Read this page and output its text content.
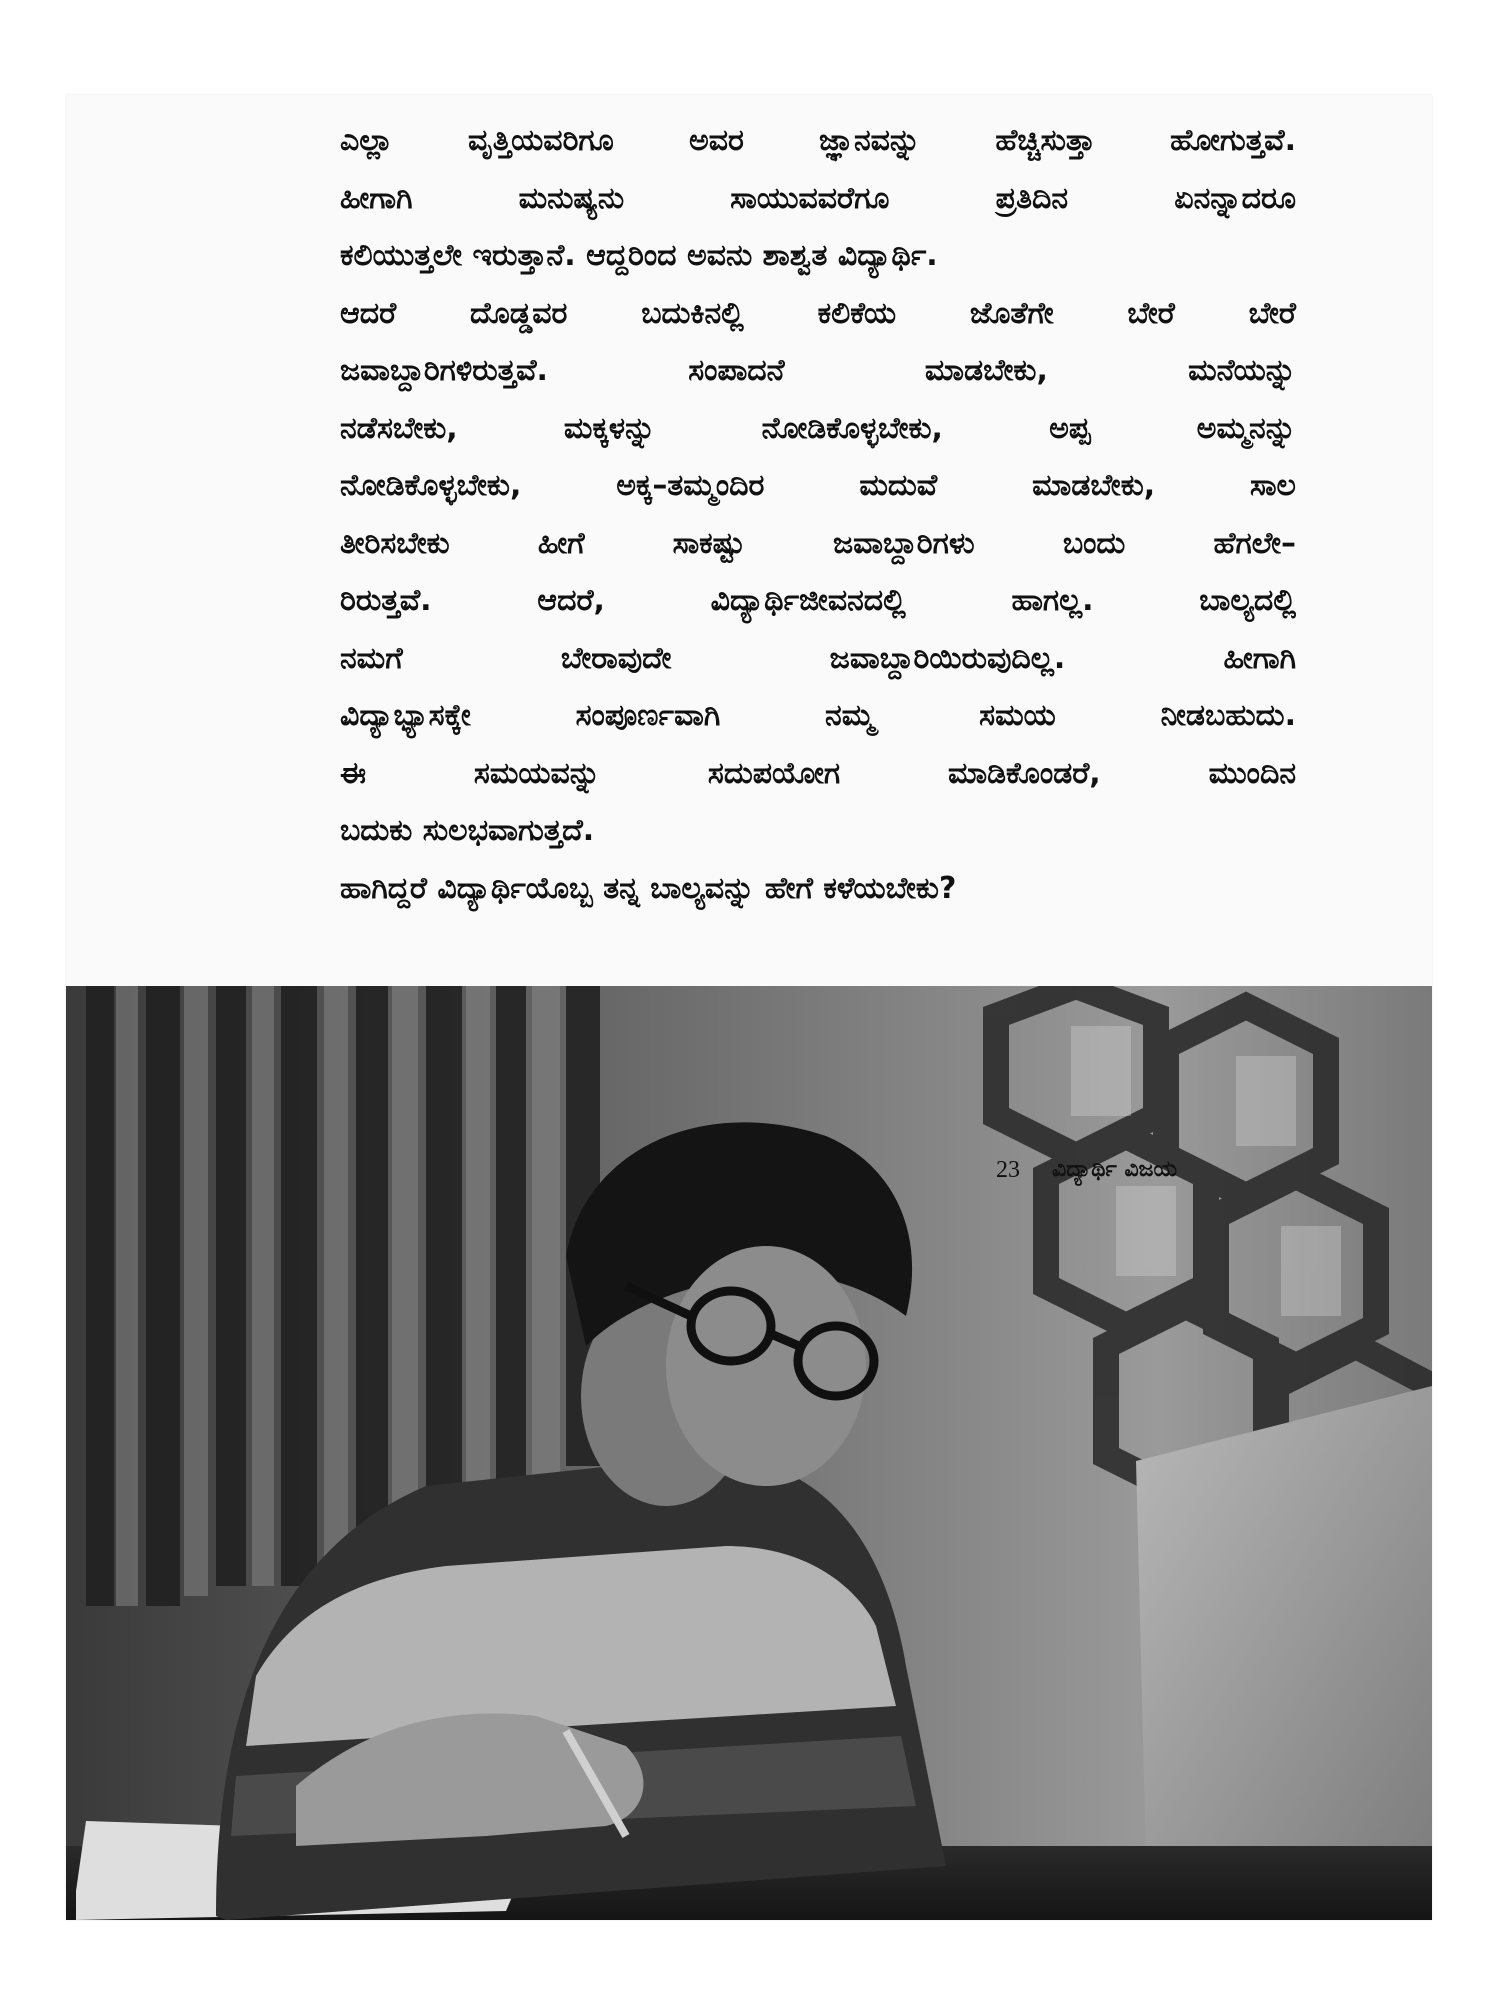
ಎಲ್ಲಾ ವೃತ್ತಿಯವರಿಗೂ ಅವರ ಜ್ಞಾನವನ್ನು ಹೆಚ್ಚಿಸುತ್ತಾ ಹೋಗುತ್ತವೆ.
ಹೀಗಾಗಿ ಮನುಷ್ಯನು ಸಾಯುವವರೆಗೂ ಪ್ರತಿದಿನ ಏನನ್ನಾದರೂ
ಕಲಿಯುತ್ತಲೇ ಇರುತ್ತಾನೆ. ಆದ್ದರಿಂದ ಅವನು ಶಾಶ್ವತ ವಿದ್ಯಾರ್ಥಿ.
ಆದರೆ ದೊಡ್ಡವರ ಬದುಕಿನಲ್ಲಿ ಕಲಿಕೆಯ ಜೊತೆಗೇ ಬೇರೆ ಬೇರೆ
ಜವಾಬ್ದಾರಿಗಳಿರುತ್ತವೆ. ಸಂಪಾದನೆ ಮಾಡಬೇಕು, ಮನೆಯನ್ನು
ನಡೆಸಬೇಕು, ಮಕ್ಕಳನ್ನು ನೋಡಿಕೊಳ್ಳಬೇಕು, ಅಪ್ಪ ಅಮ್ಮನನ್ನು
ನೋಡಿಕೊಳ್ಳಬೇಕು, ಅಕ್ಕ–ತಮ್ಮಂದಿರ ಮದುವೆ ಮಾಡಬೇಕು, ಸಾಲ
ತೀರಿಸಬೇಕು ಹೀಗೆ ಸಾಕಷ್ಟು ಜವಾಬ್ದಾರಿಗಳು ಬಂದು ಹೆಗಲೇ–
ರಿರುತ್ತವೆ. ಆದರೆ, ವಿದ್ಯಾರ್ಥಿಜೀವನದಲ್ಲಿ ಹಾಗಲ್ಲ. ಬಾಲ್ಯದಲ್ಲಿ
ನಮಗೆ ಬೇರಾವುದೇ ಜವಾಬ್ದಾರಿಯಿರುವುದಿಲ್ಲ. ಹೀಗಾಗಿ
ವಿದ್ಯಾಭ್ಯಾಸಕ್ಕೇ ಸಂಪೂರ್ಣವಾಗಿ ನಮ್ಮ ಸಮಯ ನೀಡಬಹುದು.
ಈ ಸಮಯವನ್ನು ಸದುಪಯೋಗ ಮಾಡಿಕೊಂಡರೆ, ಮುಂದಿನ
ಬದುಕು ಸುಲಭವಾಗುತ್ತದೆ.
ಹಾಗಿದ್ದರೆ ವಿದ್ಯಾರ್ಥಿಯೊಬ್ಬ ತನ್ನ ಬಾಲ್ಯವನ್ನು ಹೇಗೆ ಕಳೆಯಬೇಕು?
23 ವಿದ್ಯಾರ್ಥಿ ವಿಜಯ
